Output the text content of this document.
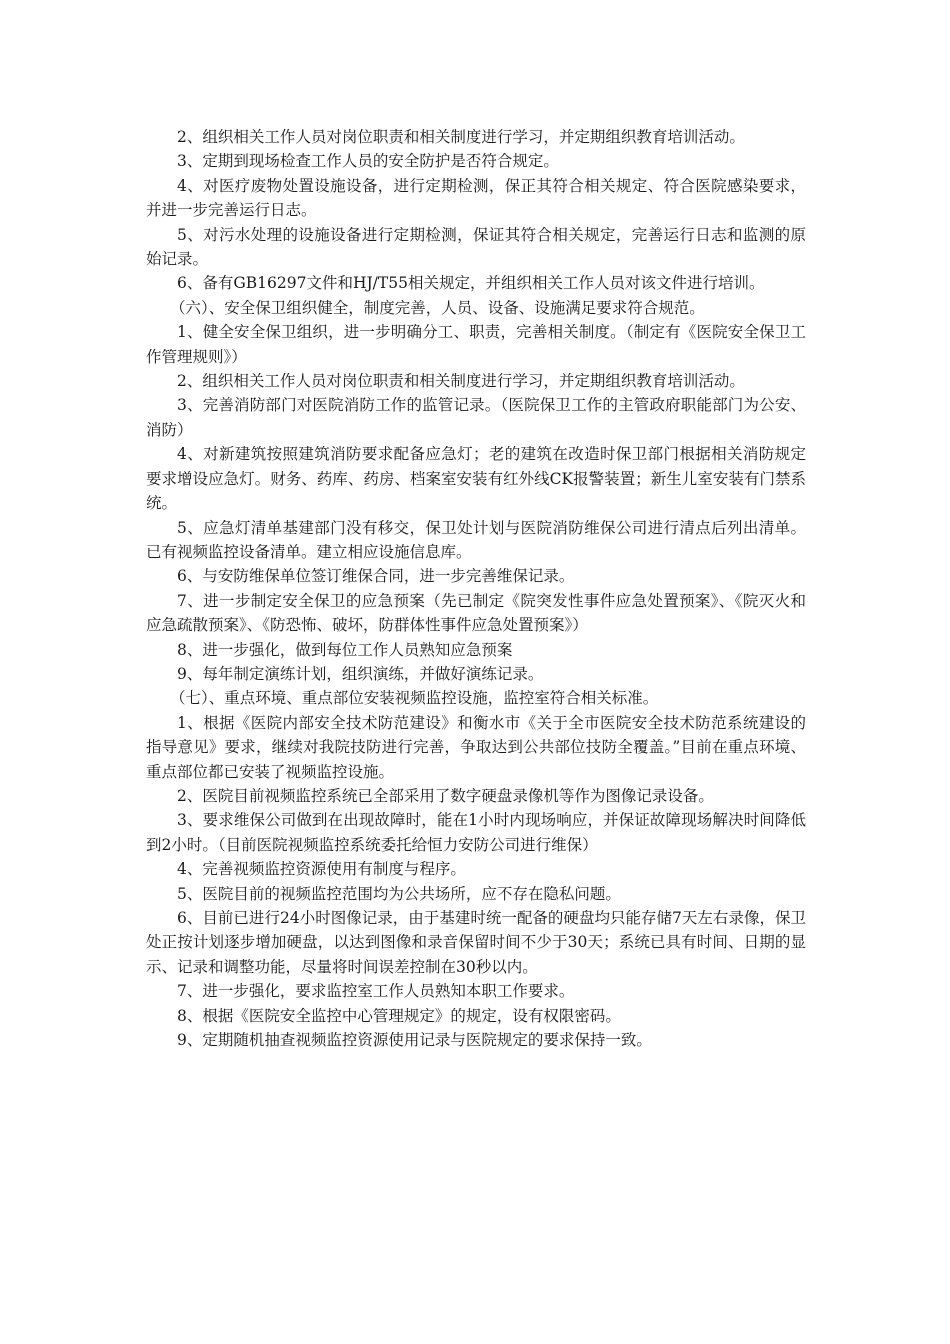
2、组织相关工作人员对岗位职责和相关制度进行学习，并定期组织教育培训活动。

3、定期到现场检查工作人员的安全防护是否符合规定。

4、对医疗废物处置设施设备，进行定期检测，保正其符合相关规定、符合医院感染要求，并进一步完善运行日志。

5、对污水处理的设施设备进行定期检测，保证其符合相关规定，完善运行日志和监测的原始记录。

6、备有GB16297文件和HJ/T55相关规定，并组织相关工作人员对该文件进行培训。

（六）、安全保卫组织健全，制度完善，人员、设备、设施满足要求符合规范。

1、健全安全保卫组织，进一步明确分工、职责，完善相关制度。（制定有《医院安全保卫工作管理规则》）

2、组织相关工作人员对岗位职责和相关制度进行学习，并定期组织教育培训活动。

3、完善消防部门对医院消防工作的监管记录。（医院保卫工作的主管政府职能部门为公安、消防）

4、对新建筑按照建筑消防要求配备应急灯；老的建筑在改造时保卫部门根据相关消防规定要求增设应急灯。财务、药库、药房、档案室安装有红外线CK报警装置；新生儿室安装有门禁系统。

5、应急灯清单基建部门没有移交，保卫处计划与医院消防维保公司进行清点后列出清单。已有视频监控设备清单。建立相应设施信息库。

6、与安防维保单位签订维保合同，进一步完善维保记录。

7、进一步制定安全保卫的应急预案（先已制定《院突发性事件应急处置预案》、《院灭火和应急疏散预案》、《防恐怖、破坏，防群体性事件应急处置预案》）

8、进一步强化，做到每位工作人员熟知应急预案

9、每年制定演练计划，组织演练，并做好演练记录。

（七）、重点环境、重点部位安装视频监控设施，监控室符合相关标准。

1、根据《医院内部安全技术防范建设》和衡水市《关于全市医院安全技术防范系统建设的指导意见》要求，继续对我院技防进行完善，争取达到公共部位技防全覆盖。”目前在重点环境、重点部位都已安装了视频监控设施。

2、医院目前视频监控系统已全部采用了数字硬盘录像机等作为图像记录设备。

3、要求维保公司做到在出现故障时，能在1小时内现场响应，并保证故障现场解决时间降低到2小时。（目前医院视频监控系统委托给恒力安防公司进行维保）

4、完善视频监控资源使用有制度与程序。

5、医院目前的视频监控范围均为公共场所，应不存在隐私问题。

6、目前已进行24小时图像记录，由于基建时统一配备的硬盘均只能存储7天左右录像，保卫处正按计划逐步增加硬盘，以达到图像和录音保留时间不少于30天；系统已具有时间、日期的显示、记录和调整功能，尽量将时间误差控制在30秒以内。

7、进一步强化，要求监控室工作人员熟知本职工作要求。

8、根据《医院安全监控中心管理规定》的规定，设有权限密码。

9、定期随机抽查视频监控资源使用记录与医院规定的要求保持一致。
